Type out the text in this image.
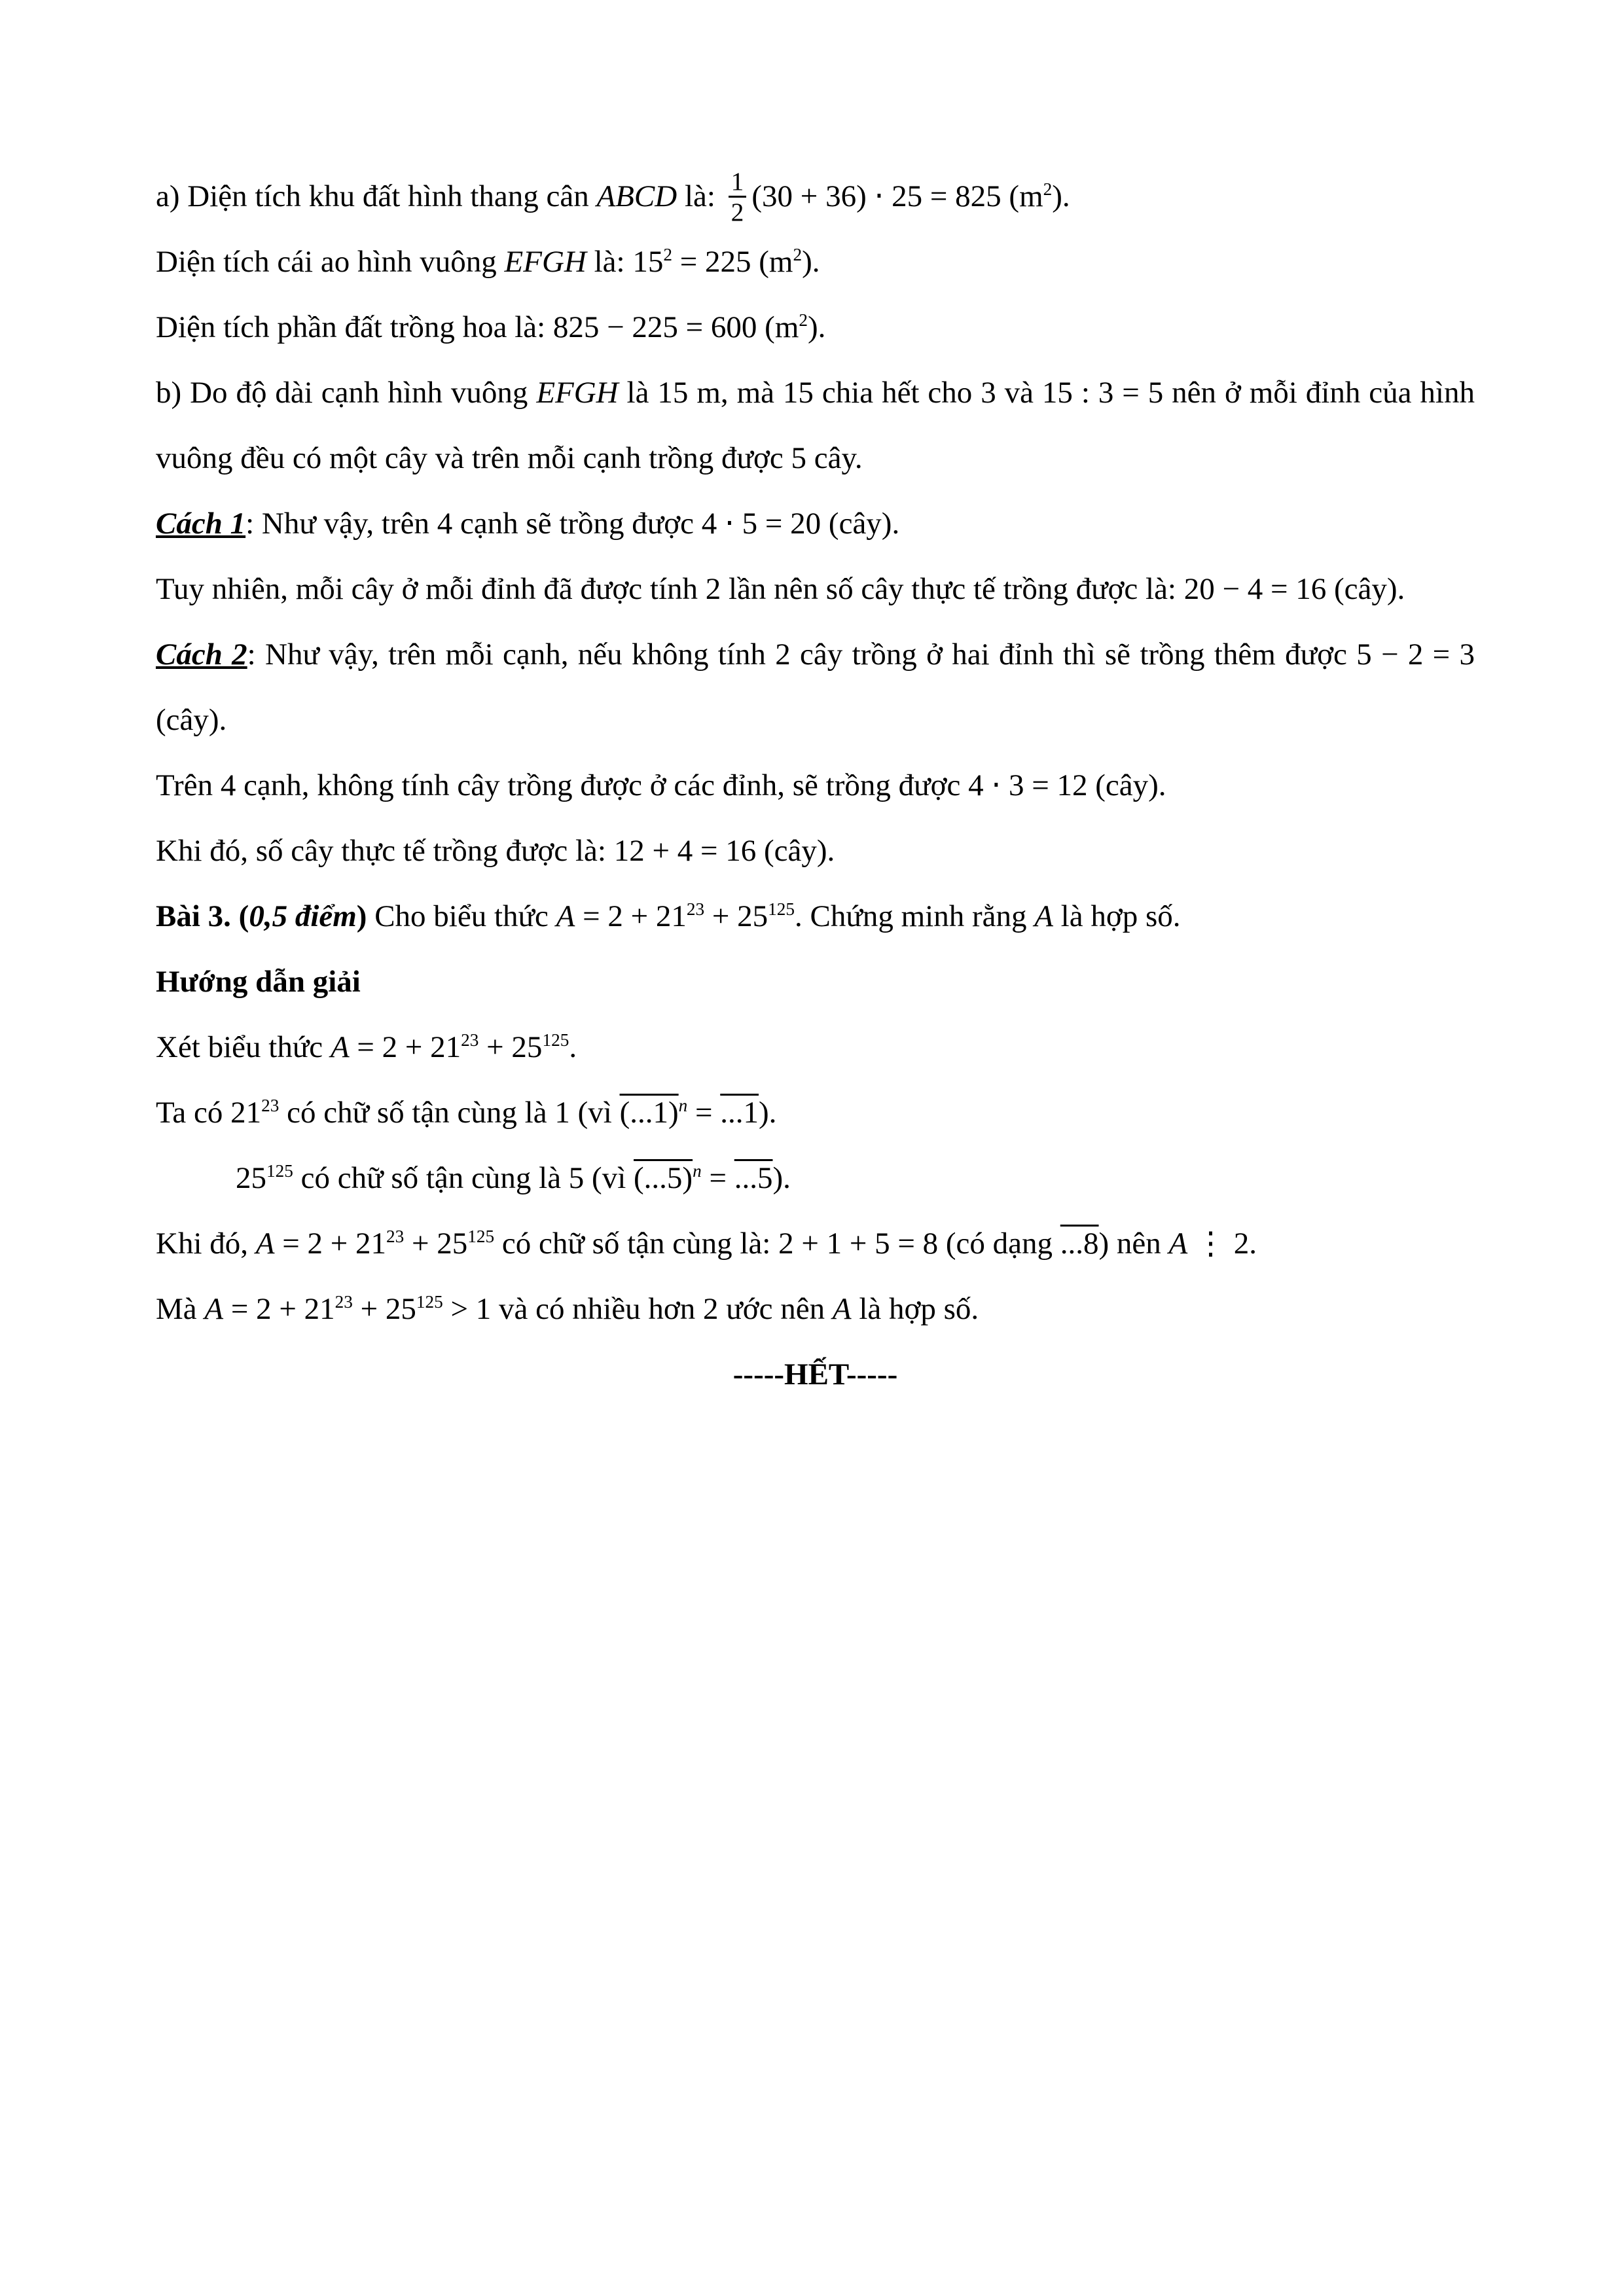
a) Diện tích khu đất hình thang cân ABCD là: $\frac{1}{2} (30 + 36) \cdot 25 = 825$ $(m^2)$.
Diện tích cái ao hình vuông EFGH là: $15^2 = 225$ $(m^2)$.
Diện tích phần đất trồng hoa là: 825 − 225 = 600 $(m^2)$.
b) Do độ dài cạnh hình vuông EFGH là 15 m, mà 15 chia hết cho 3 và 15 : 3 = 5 nên ở mỗi đỉnh của hình vuông đều có một cây và trên mỗi cạnh trồng được 5 cây.
Cách 1: Như vậy, trên 4 cạnh sẽ trồng được 4 ⋅ 5 = 20 (cây).
Tuy nhiên, mỗi cây ở mỗi đỉnh đã được tính 2 lần nên số cây thực tế trồng được là: 20 − 4 = 16 (cây).
Cách 2: Như vậy, trên mỗi cạnh, nếu không tính 2 cây trồng ở hai đỉnh thì sẽ trồng thêm được 5 − 2 = 3 (cây).
Trên 4 cạnh, không tính cây trồng được ở các đỉnh, sẽ trồng được 4 ⋅ 3 = 12 (cây).
Khi đó, số cây thực tế trồng được là: 12 + 4 = 16 (cây).
Bài 3. (0,5 điểm) Cho biểu thức $A = 2 + 21^{23} + 25^{125}$. Chứng minh rằng A là hợp số.
Hướng dẫn giải
Xét biểu thức $A = 2 + 21^{23} + 25^{125}$.
Ta có $21^{23}$ có chữ số tận cùng là 1 (vì $(...1)^n = ...1$).
$25^{125}$ có chữ số tận cùng là 5 (vì $(...5)^n = ...5$).
Khi đó, $A = 2 + 21^{23} + 25^{125}$ có chữ số tận cùng là: 2 + 1 + 5 = 8 (có dạng ...8) nên A ⋮ 2.
Mà $A = 2 + 21^{23} + 25^{125} > 1$ và có nhiều hơn 2 ước nên A là hợp số.
-----HẾT-----
